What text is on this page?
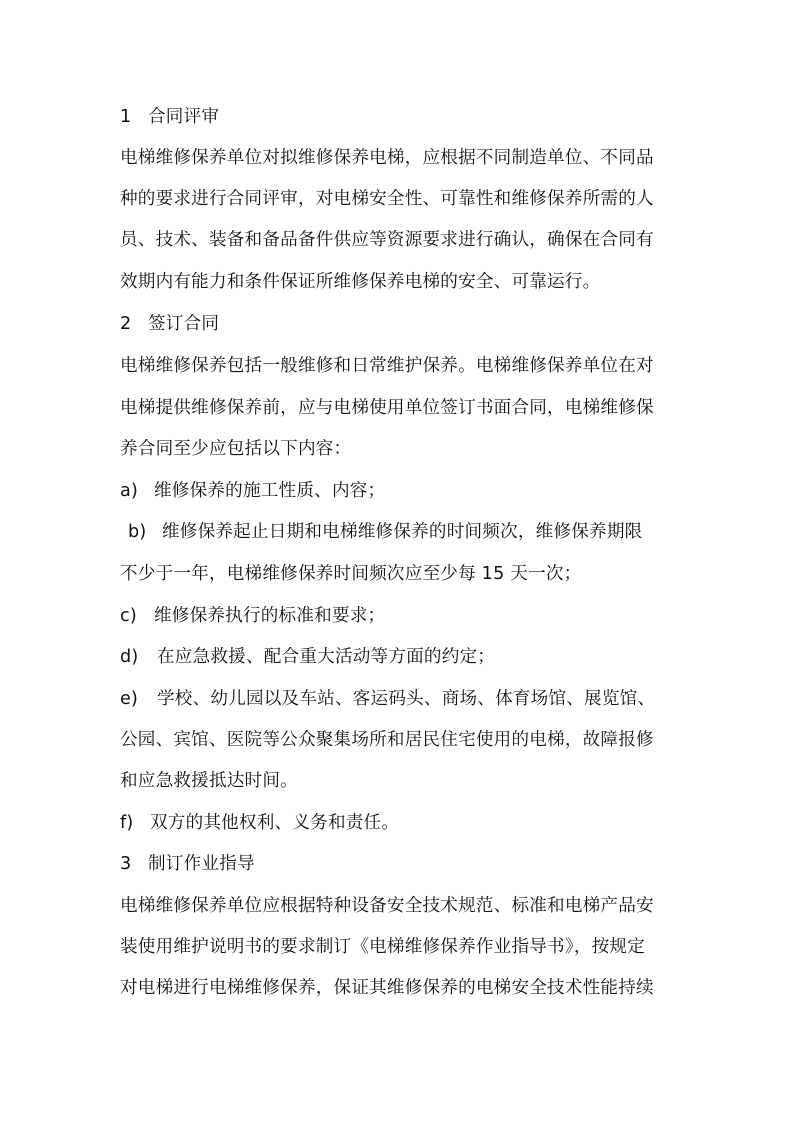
1 合同评审
电梯维修保养单位对拟维修保养电梯，应根据不同制造单位、不同品
种的要求进行合同评审，对电梯安全性、可靠性和维修保养所需的人
员、技术、装备和备品备件供应等资源要求进行确认，确保在合同有
效期内有能力和条件保证所维修保养电梯的安全、可靠运行。
2 签订合同
电梯维修保养包括一般维修和日常维护保养。电梯维修保养单位在对
电梯提供维修保养前，应与电梯使用单位签订书面合同，电梯维修保
养合同至少应包括以下内容：
a) 维修保养的施工性质、内容；
b) 维修保养起止日期和电梯维修保养的时间频次，维修保养期限
不少于一年，电梯维修保养时间频次应至少每 15 天一次；
c) 维修保养执行的标准和要求；
d) 在应急救援、配合重大活动等方面的约定；
e) 学校、幼儿园以及车站、客运码头、商场、体育场馆、展览馆、
公园、宾馆、医院等公众聚集场所和居民住宅使用的电梯，故障报修
和应急救援抵达时间。
f) 双方的其他权利、义务和责任。
3 制订作业指导
电梯维修保养单位应根据特种设备安全技术规范、标准和电梯产品安
装使用维护说明书的要求制订《电梯维修保养作业指导书》，按规定
对电梯进行电梯维修保养，保证其维修保养的电梯安全技术性能持续
